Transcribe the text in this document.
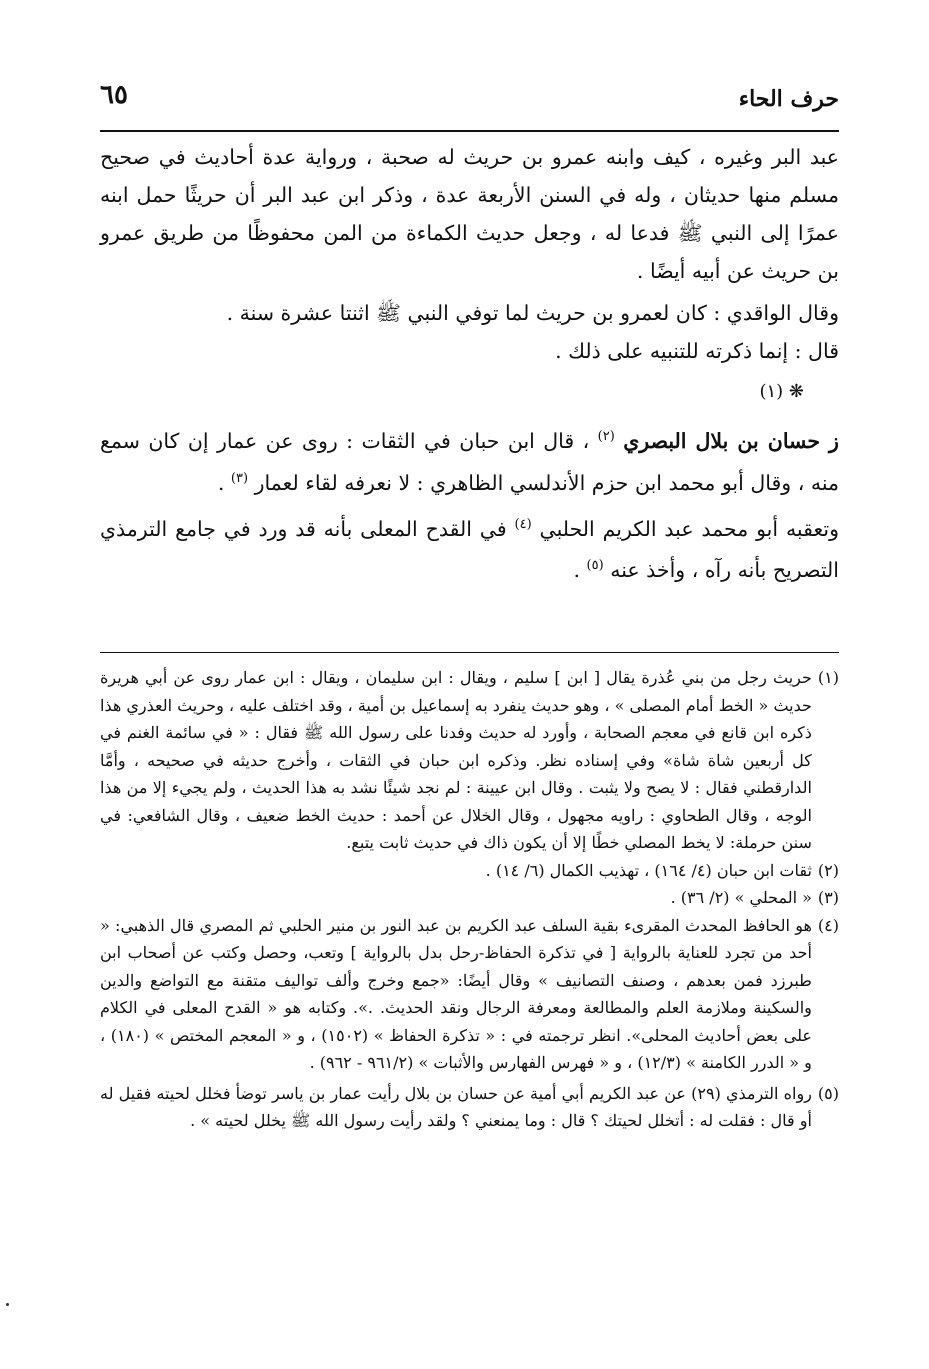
حرف الحاء
٦٥

عبد البر وغيره ، كيف وابنه عمرو بن حريث له صحبة ، ورواية عدة أحاديث في صحيح مسلم منها حديثان ، وله في السنن الأربعة عدة ، وذكر ابن عبد البر أن حريثًا حمل ابنه عمرًا إلى النبي ﷺ فدعا له ، وجعل حديث الكماءة من المن محفوظًا من طريق عمرو بن حريث عن أبيه أيضًا .

وقال الواقدي : كان لعمرو بن حريث لما توفي النبي ﷺ اثنتا عشرة سنة .

قال : إنما ذكرته للتنبيه على ذلك .

❋ (١)

ز حسان بن بلال البصري $^{(٢)}$ ، قال ابن حبان في الثقات : روى عن عمار إن كان سمع منه ، وقال أبو محمد ابن حزم الأندلسي الظاهري : لا نعرفه لقاء لعمار $^{(٣)}$ .

وتعقبه أبو محمد عبد الكريم الحلبي $^{(٤)}$ في القدح المعلى بأنه قد ورد في جامع الترمذي التصريح بأنه رآه ، وأخذ عنه $^{(٥)}$ .

(١)
حريث رجل من بني عُذرة يقال [ ابن ] سليم ، ويقال : ابن سليمان ، ويقال : ابن عمار روى عن أبي هريرة حديث « الخط أمام المصلى » ، وهو حديث ينفرد به إسماعيل بن أمية ، وقد اختلف عليه ، وحريث العذري هذا ذكره ابن قانع في معجم الصحابة ، وأورد له حديث وفدنا على رسول الله ﷺ فقال : « في سائمة الغنم في كل أربعين شاة شاة» وفي إسناده نظر. وذكره ابن حبان في الثقات ، وأخرج حديثه في صحيحه ، وأمَّا الدارقطني فقال : لا يصح ولا يثبت . وقال ابن عيينة : لم نجد شيئًا نشد به هذا الحديث ، ولم يجيء إلا من هذا الوجه ، وقال الطحاوي : راويه مجهول ، وقال الخلال عن أحمد : حديث الخط ضعيف ، وقال الشافعي: في سنن حرملة: لا يخط المصلي خطًا إلا أن يكون ذاك في حديث ثابت يتبع.
(٢)
ثقات ابن حبان (٤/ ١٦٤) ، تهذيب الكمال (٦/ ١٤) .
(٣)
« المحلي » (٢/ ٣٦) .
(٤)
هو الحافظ المحدث المقرىء بقية السلف عبد الكريم بن عبد النور بن منير الحلبي ثم المصري قال الذهبي: « أحد من تجرد للعناية بالرواية [ في تذكرة الحفاظ-رحل بدل بالرواية ] وتعب، وحصل وكتب عن أصحاب ابن طبرزد فمن بعدهم ، وصنف التصانيف » وقال أيضًا: «جمع وخرج وألف تواليف متقنة مع التواضع والدين والسكينة وملازمة العلم والمطالعة ومعرفة الرجال ونقد الحديث. .». وكتابه هو « القدح المعلى في الكلام على بعض أحاديث المحلى». انظر ترجمته في : « تذكرة الحفاظ » (١٥٠٢) ، و « المعجم المختص » (١٨٠) ، و « الدرر الكامنة » (١٢/٣) ، و « فهرس الفهارس والأثبات » (٩٦١/٢ - ٩٦٢) .
(٥)
رواه الترمذي (٢٩) عن عبد الكريم أبي أمية عن حسان بن بلال رأيت عمار بن ياسر توضأ فخلل لحيته فقيل له أو قال : فقلت له : أتخلل لحيتك ؟ قال : وما يمنعني ؟ ولقد رأيت رسول الله ﷺ يخلل لحيته » .
